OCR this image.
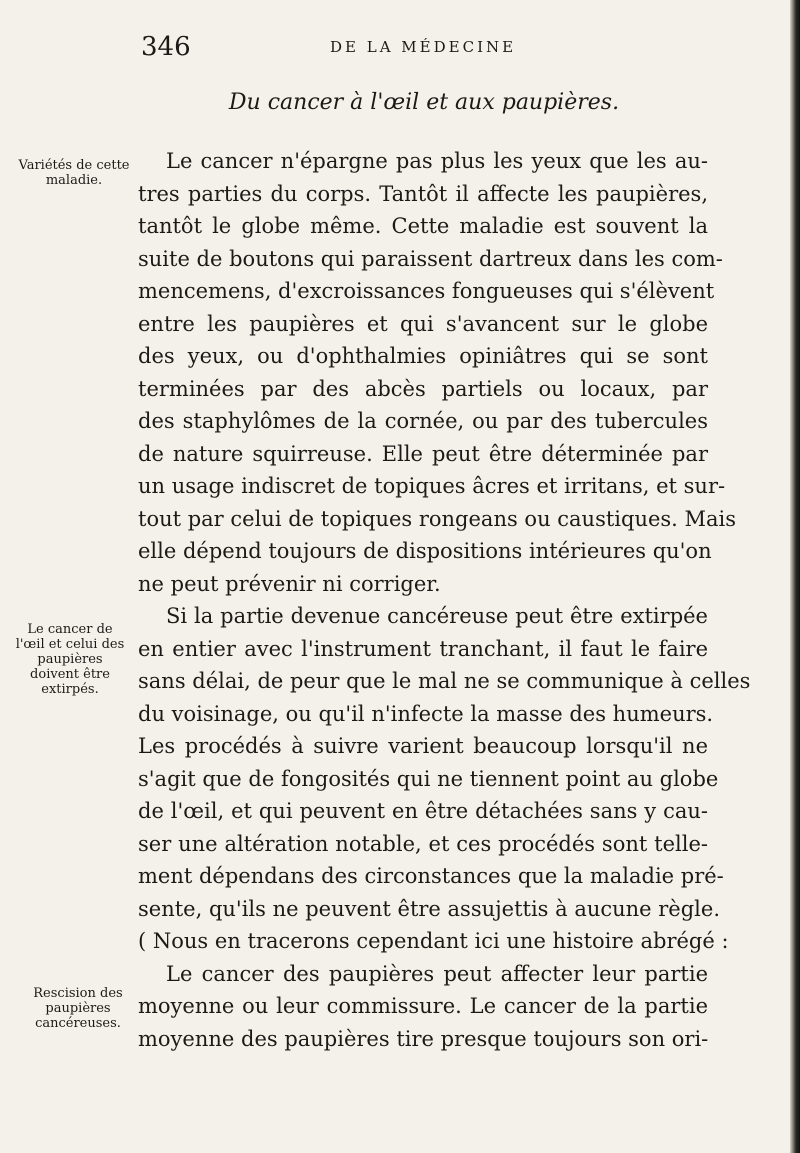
346	DE LA MÉDECINE
Du cancer à l'œil et aux paupières.
Variétés de cette maladie.
Le cancer de l'œil et celui des paupières doivent être extirpés.
Rescision des paupières cancéreuses.
Le cancer n'épargne pas plus les yeux que les au-
tres parties du corps. Tantôt il affecte les paupières,
tantôt le globe même. Cette maladie est souvent la
suite de boutons qui paraissent dartreux dans les com-
mencemens, d'excroissances fongueuses qui s'élèvent
entre les paupières et qui s'avancent sur le globe
des yeux, ou d'ophthalmies opiniâtres qui se sont
terminées par des abcès partiels ou locaux, par
des staphylômes de la cornée, ou par des tubercules
de nature squirreuse. Elle peut être déterminée par
un usage indiscret de topiques âcres et irritans, et sur-
tout par celui de topiques rongeans ou caustiques. Mais
elle dépend toujours de dispositions intérieures qu'on
ne peut prévenir ni corriger.
Si la partie devenue cancéreuse peut être extirpée
en entier avec l'instrument tranchant, il faut le faire
sans délai, de peur que le mal ne se communique à celles
du voisinage, ou qu'il n'infecte la masse des humeurs.
Les procédés à suivre varient beaucoup lorsqu'il ne
s'agit que de fongosités qui ne tiennent point au globe
de l'œil, et qui peuvent en être détachées sans y cau-
ser une altération notable, et ces procédés sont telle-
ment dépendans des circonstances que la maladie pré-
sente, qu'ils ne peuvent être assujettis à aucune règle.
( Nous en tracerons cependant ici une histoire abrégé :
Le cancer des paupières peut affecter leur partie
moyenne ou leur commissure. Le cancer de la partie
moyenne des paupières tire presque toujours son ori-
